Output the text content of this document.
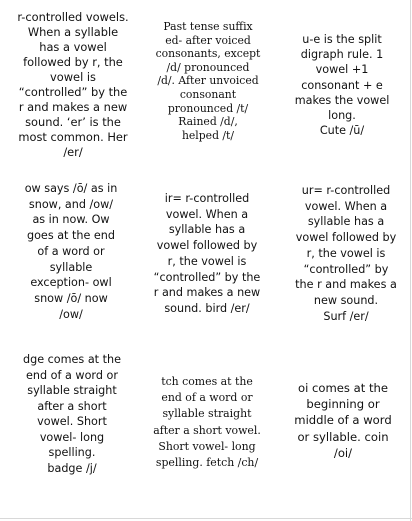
r-controlled vowels.
When a syllable
has a vowel
followed by r, the
vowel is
“controlled” by the
r and makes a new
sound. ‘er’ is the
most common. Her
/er/
Past tense suffix
ed- after voiced
consonants, except
/d/ pronounced
/d/. After unvoiced
consonant
pronounced /t/
Rained /d/,
helped /t/
u-e is the split
digraph rule. 1
vowel +1
consonant + e
makes the vowel
long.
Cute /ū/
ow says /ō/ as in
snow, and /ow/
as in now. Ow
goes at the end
of a word or
syllable
exception- owl
snow /ō/ now
/ow/
ir= r-controlled
vowel. When a
syllable has a
vowel followed by
r, the vowel is
“controlled” by the
r and makes a new
sound. bird /er/
ur= r-controlled
vowel. When a
syllable has a
vowel followed by
r, the vowel is
“controlled” by
the r and makes a
new sound.
Surf /er/
dge comes at the
end of a word or
syllable straight
after a short
vowel. Short
vowel- long
spelling.
badge /j/
tch comes at the
end of a word or
syllable straight
after a short vowel.
Short vowel- long
spelling. fetch /ch/
oi comes at the
beginning or
middle of a word
or syllable. coin
/oi/
